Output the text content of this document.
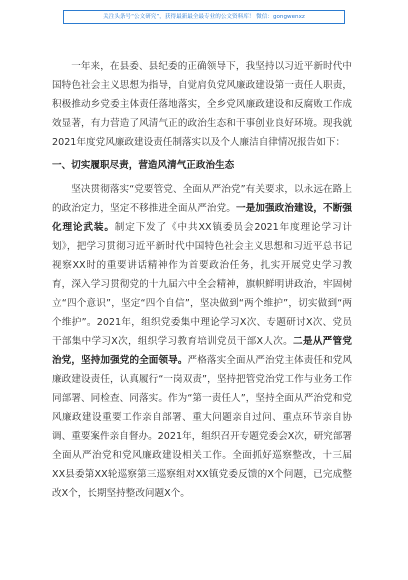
关注头条号“公文研究”，获得最新最全最专业的公文资料库！ 微信：gongwenxz

一年来，在县委、县纪委的正确领导下，我坚持以习近平新时代中国特色社会主义思想为指导，自觉肩负党风廉政建设第一责任人职责，积极推动乡党委主体责任落地落实，全乡党风廉政建设和反腐败工作成效显著，有力营造了风清气正的政治生态和干事创业良好环境。现我就2021年度党风廉政建设责任制落实以及个人廉洁自律情况报告如下：

一、切实履职尽责，营造风清气正政治生态

坚决贯彻落实“党要管党、全面从严治党”有关要求，以永远在路上的政治定力，坚定不移推进全面从严治党。一是加强政治建设，不断强化理论武装。制定下发了《中共XX镇委员会2021年度理论学习计划》，把学习贯彻习近平新时代中国特色社会主义思想和习近平总书记视察XX时的重要讲话精神作为首要政治任务，扎实开展党史学习教育，深入学习贯彻党的十九届六中全会精神，旗帜鲜明讲政治，牢固树立“四个意识”，坚定“四个自信”，坚决做到“两个维护”，切实做到“两个维护”。2021年，组织党委集中理论学习X次、专题研讨X次、党员干部集中学习X次，组织学习教育培训党员干部X人次。二是从严管党治党，坚持加强党的全面领导。严格落实全面从严治党主体责任和党风廉政建设责任，认真履行“一岗双责”，坚持把管党治党工作与业务工作同部署、同检查、同落实。作为“第一责任人”，坚持全面从严治党和党风廉政建设重要工作亲自部署、重大问题亲自过问、重点环节亲自协调、重要案件亲自督办。2021年，组织召开专题党委会X次，研究部署全面从严治党和党风廉政建设相关工作。全面抓好巡察整改，十三届XX县委第XX轮巡察第三巡察组对XX镇党委反馈的X个问题，已完成整改X个，长期坚持整改问题X个。
